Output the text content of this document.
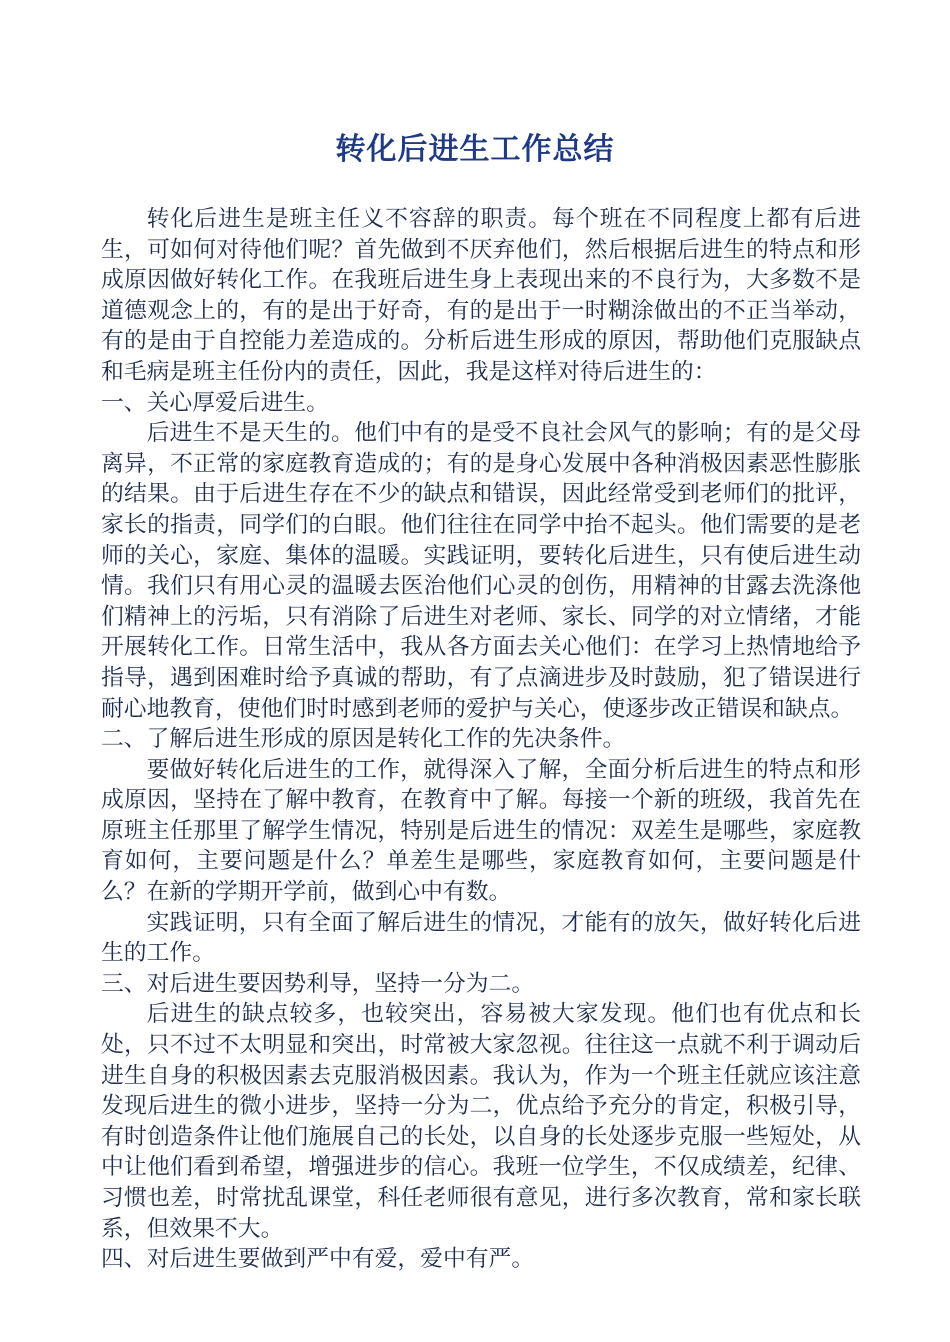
转化后进生工作总结

转化后进生是班主任义不容辞的职责。每个班在不同程度上都有后进生，可如何对待他们呢？首先做到不厌弃他们，然后根据后进生的特点和形成原因做好转化工作。在我班后进生身上表现出来的不良行为，大多数不是道德观念上的，有的是出于好奇，有的是出于一时糊涂做出的不正当举动，有的是由于自控能力差造成的。分析后进生形成的原因，帮助他们克服缺点和毛病是班主任份内的责任，因此，我是这样对待后进生的：

一、关心厚爱后进生。

后进生不是天生的。他们中有的是受不良社会风气的影响；有的是父母离异，不正常的家庭教育造成的；有的是身心发展中各种消极因素恶性膨胀的结果。由于后进生存在不少的缺点和错误，因此经常受到老师们的批评，家长的指责，同学们的白眼。他们往往在同学中抬不起头。他们需要的是老师的关心，家庭、集体的温暖。实践证明，要转化后进生，只有使后进生动情。我们只有用心灵的温暖去医治他们心灵的创伤，用精神的甘露去洗涤他们精神上的污垢，只有消除了后进生对老师、家长、同学的对立情绪，才能开展转化工作。日常生活中，我从各方面去关心他们：在学习上热情地给予指导，遇到困难时给予真诚的帮助，有了点滴进步及时鼓励，犯了错误进行耐心地教育，使他们时时感到老师的爱护与关心，使逐步改正错误和缺点。

二、了解后进生形成的原因是转化工作的先决条件。

要做好转化后进生的工作，就得深入了解，全面分析后进生的特点和形成原因，坚持在了解中教育，在教育中了解。每接一个新的班级，我首先在原班主任那里了解学生情况，特别是后进生的情况：双差生是哪些，家庭教育如何，主要问题是什么？单差生是哪些，家庭教育如何，主要问题是什么？在新的学期开学前，做到心中有数。

实践证明，只有全面了解后进生的情况，才能有的放矢，做好转化后进生的工作。

三、对后进生要因势利导，坚持一分为二。

后进生的缺点较多，也较突出，容易被大家发现。他们也有优点和长处，只不过不太明显和突出，时常被大家忽视。往往这一点就不利于调动后进生自身的积极因素去克服消极因素。我认为，作为一个班主任就应该注意发现后进生的微小进步，坚持一分为二，优点给予充分的肯定，积极引导，有时创造条件让他们施展自己的长处，以自身的长处逐步克服一些短处，从中让他们看到希望，增强进步的信心。我班一位学生，不仅成绩差，纪律、习惯也差，时常扰乱课堂，科任老师很有意见，进行多次教育，常和家长联系，但效果不大。

四、对后进生要做到严中有爱，爱中有严。
